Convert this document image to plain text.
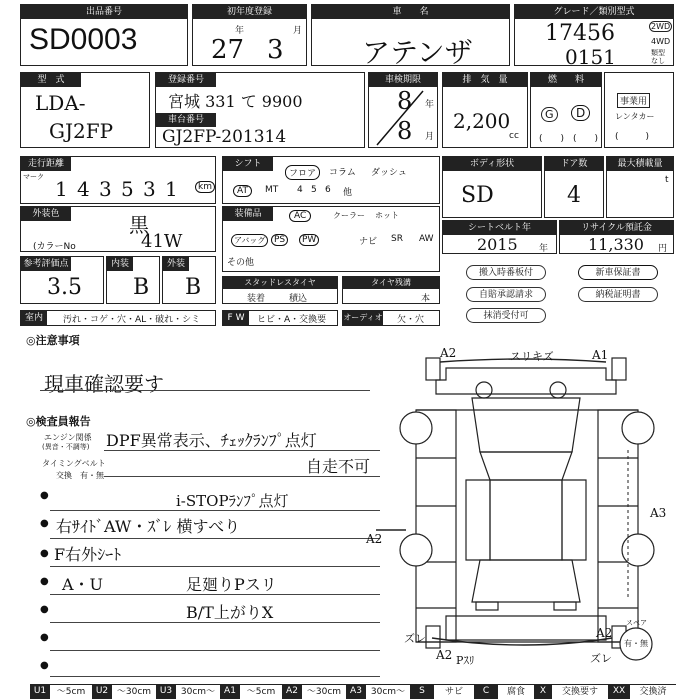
出品番号
SD0003
初年度登録
年	月
27 3
車　　名
アテンザ
グレード／類別型式
17456
0151
2WD
4WD
類型なし
型　式
LDA-
GJ2FP
登録番号
宮城 331 て 9900
車台番号
GJ2FP-201314
車検期限
年
月
8
8
排　気　量
2,200
cc
燃　　料
G	D
(　　)　(　　)
事業用
レンタカー
(　　　)
走行距離
マーク 1 4 3 5 3 1	km
シフト
フロア	コラム ダッシュ
AT	MT 4 5 6 他
ボディ形状
SD
ドア数
4
最大積載量
t
外装色	黒
(カラーNo	41W
装備品	AC	クーラー ホット
アバッグ PS	PW	ナビ SR AW
その他
シートベルト年
2015 年
リサイクル預託金
11,330 円
参考評価点
3.5
内装
B
外装
B	スタッドレスタイヤ
装着	積込
タイヤ残溝
本
搬入時番板付	新車保証書
自賠承認請求	納税証明書
抹消受付可
室内	汚れ・コゲ・穴・AL・破れ・シミ	F W	ヒビ・A・交換要 オーディオ 欠・穴
◎注意事項
現車確認要す
◎検査員報告
エンジン関係
(異音・不調等)
タイミングベルト
交換　有・無
DPF異常表示、ﾁｪｯｸﾗﾝﾌﾟ点灯
自走不可
●	i-STOPﾗﾝﾌﾟ点灯
● 右ｻｲﾄﾞAW・ｽﾞﾚ 横すべり
● F右外ｼｰﾄ
● A・U	足廻りPスリ
●	B/T上がりX
●
●
A2	スリキズ	A1
A3
A2
ズレ
A2 Pｽﾘ
A2
ズレ
スペア
有・無
U1	～5cm	U2 ～30cm U3 30cm～ A1	～5cm	A2 ～30cm A3 30cm～	S	サビ	C	腐食	X	交換要す	XX	交換済
